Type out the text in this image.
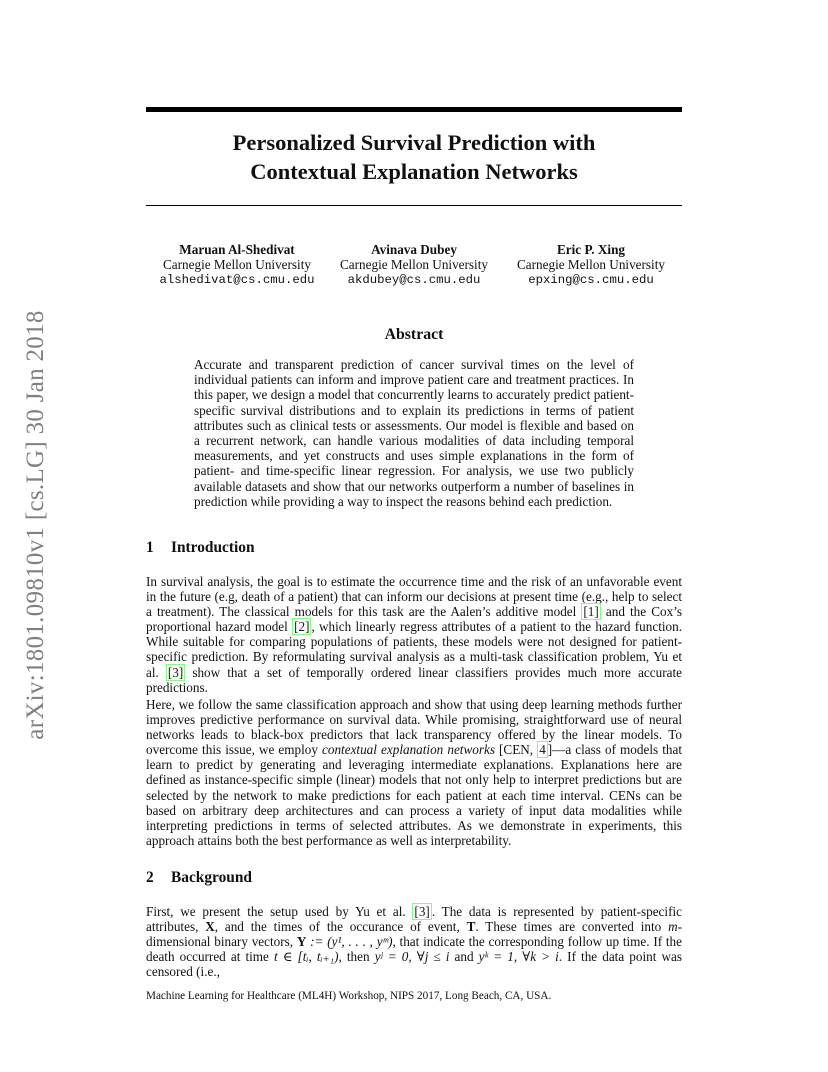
arXiv:1801.09810v1 [cs.LG] 30 Jan 2018
Personalized Survival Prediction with
Contextual Explanation Networks
Maruan Al-Shedivat
Carnegie Mellon University
alshedivat@cs.cmu.edu
Avinava Dubey
Carnegie Mellon University
akdubey@cs.cmu.edu
Eric P. Xing
Carnegie Mellon University
epxing@cs.cmu.edu
Abstract
Accurate and transparent prediction of cancer survival times on the level of individual patients can inform and improve patient care and treatment practices. In this paper, we design a model that concurrently learns to accurately predict patient-specific survival distributions and to explain its predictions in terms of patient attributes such as clinical tests or assessments. Our model is flexible and based on a recurrent network, can handle various modalities of data including temporal measurements, and yet constructs and uses simple explanations in the form of patient- and time-specific linear regression. For analysis, we use two publicly available datasets and show that our networks outperform a number of baselines in prediction while providing a way to inspect the reasons behind each prediction.
1 Introduction

In survival analysis, the goal is to estimate the occurrence time and the risk of an unfavorable event in the future (e.g, death of a patient) that can inform our decisions at present time (e.g., help to select a treatment). The classical models for this task are the Aalen’s additive model [1] and the Cox’s proportional hazard model [2] , which linearly regress attributes of a patient to the hazard function. While suitable for comparing populations of patients, these models were not designed for patient-specific prediction. By reformulating survival analysis as a multi-task classification problem, Yu et al. [3] show that a set of temporally ordered linear classifiers provides much more accurate predictions.

Here, we follow the same classification approach and show that using deep learning methods further improves predictive performance on survival data. While promising, straightforward use of neural networks leads to black-box predictors that lack transparency offered by the linear models. To overcome this issue, we employ contextual explanation networks [CEN, 4 ]—a class of models that learn to predict by generating and leveraging intermediate explanations. Explanations here are defined as instance-specific simple (linear) models that not only help to interpret predictions but are selected by the network to make predictions for each patient at each time interval. CENs can be based on arbitrary deep architectures and can process a variety of input data modalities while interpreting predictions in terms of selected attributes. As we demonstrate in experiments, this approach attains both the best performance as well as interpretability.

2 Background

First, we present the setup used by Yu et al. [3] . The data is represented by patient-specific attributes, X, and the times of the occurance of event, T. These times are converted into m-dimensional binary vectors, Y := (y¹, . . . , yᵐ), that indicate the corresponding follow up time. If the death occurred at time t ∈ [tᵢ, tᵢ₊₁), then yʲ = 0, ∀j ≤ i and yᵏ = 1, ∀k > i. If the data point was censored (i.e.,

Machine Learning for Healthcare (ML4H) Workshop, NIPS 2017, Long Beach, CA, USA.
